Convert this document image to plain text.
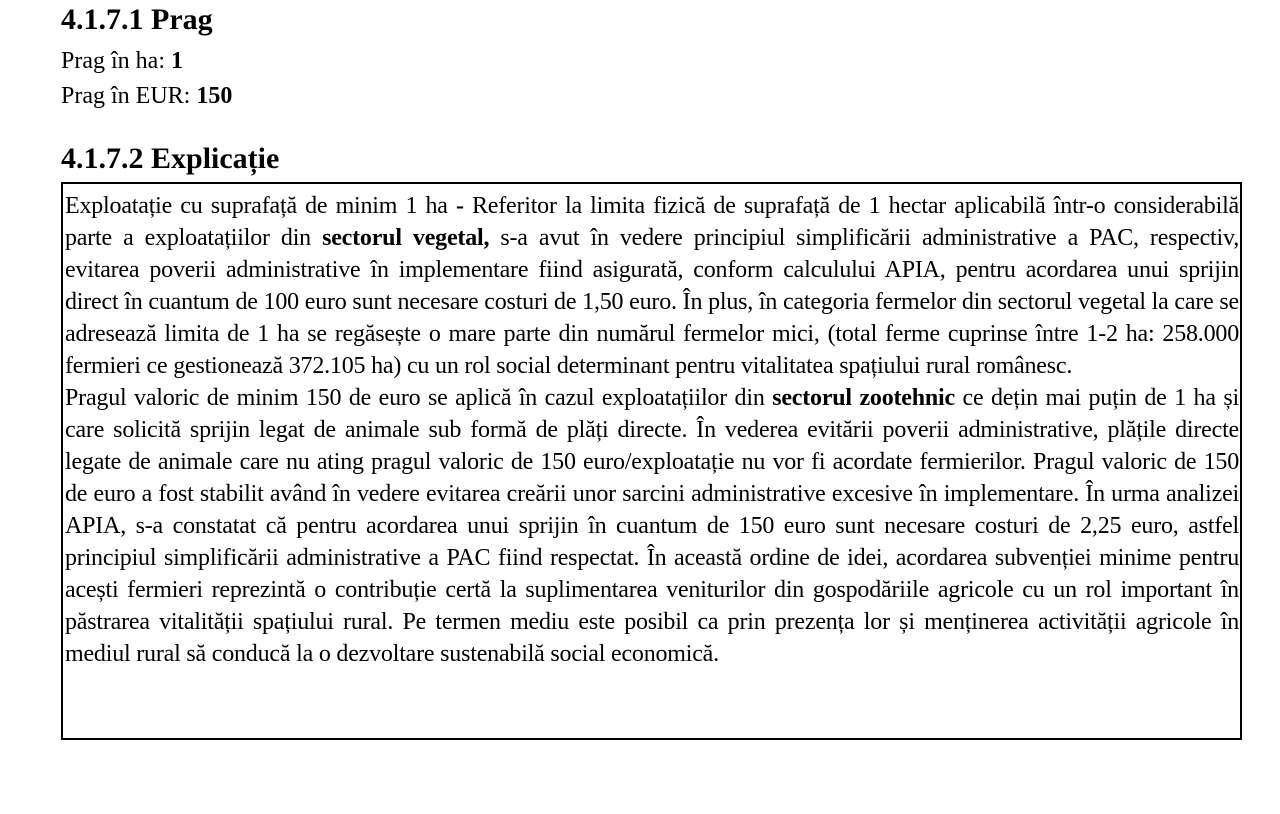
4.1.7.1 Prag
Prag în ha: 1
Prag în EUR: 150
4.1.7.2 Explicație

Exploatație cu suprafață de minim 1 ha - Referitor la limita fizică de suprafață de 1 hectar aplicabilă într-o considerabilă parte a exploatațiilor din sectorul vegetal, s-a avut în vedere principiul simplificării administrative a PAC, respectiv, evitarea poverii administrative în implementare fiind asigurată, conform calculului APIA, pentru acordarea unui sprijin direct în cuantum de 100 euro sunt necesare costuri de 1,50 euro. În plus, în categoria fermelor din sectorul vegetal la care se adresează limita de 1 ha se regăsește o mare parte din numărul fermelor mici, (total ferme cuprinse între 1-2 ha: 258.000 fermieri ce gestionează 372.105 ha) cu un rol social determinant pentru vitalitatea spațiului rural românesc.

Pragul valoric de minim 150 de euro se aplică în cazul exploatațiilor din sectorul zootehnic ce dețin mai puțin de 1 ha și care solicită sprijin legat de animale sub formă de plăți directe. În vederea evitării poverii administrative, plățile directe legate de animale care nu ating pragul valoric de 150 euro/exploatație nu vor fi acordate fermierilor. Pragul valoric de 150 de euro a fost stabilit având în vedere evitarea creării unor sarcini administrative excesive în implementare. În urma analizei APIA, s-a constatat că pentru acordarea unui sprijin în cuantum de 150 euro sunt necesare costuri de 2,25 euro, astfel principiul simplificării administrative a PAC fiind respectat. În această ordine de idei, acordarea subvenției minime pentru acești fermieri reprezintă o contribuție certă la suplimentarea veniturilor din gospodăriile agricole cu un rol important în păstrarea vitalității spațiului rural. Pe termen mediu este posibil ca prin prezența lor și menținerea activității agricole în mediul rural să conducă la o dezvoltare sustenabilă social economică.
